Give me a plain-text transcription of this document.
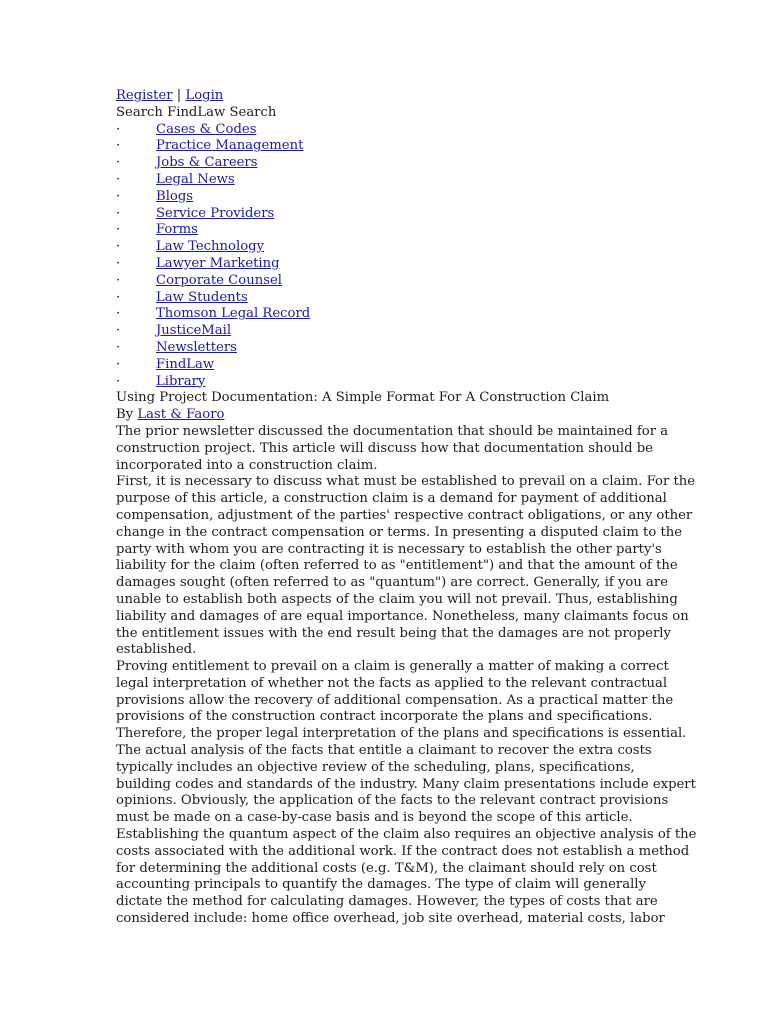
Register | Login
Search FindLaw Search
·	Cases & Codes
·	Practice Management
·	Jobs & Careers
·	Legal News
·	Blogs
·	Service Providers
·	Forms
·	Law Technology
·	Lawyer Marketing
·	Corporate Counsel
·	Law Students
·	Thomson Legal Record
·	JusticeMail
·	Newsletters
·	FindLaw
·	Library
Using Project Documentation: A Simple Format For A Construction Claim
By Last & Faoro
The prior newsletter discussed the documentation that should be maintained for a
construction project. This article will discuss how that documentation should be
incorporated into a construction claim.
First, it is necessary to discuss what must be established to prevail on a claim. For the
purpose of this article, a construction claim is a demand for payment of additional
compensation, adjustment of the parties' respective contract obligations, or any other
change in the contract compensation or terms. In presenting a disputed claim to the
party with whom you are contracting it is necessary to establish the other party's
liability for the claim (often referred to as "entitlement") and that the amount of the
damages sought (often referred to as "quantum") are correct. Generally, if you are
unable to establish both aspects of the claim you will not prevail. Thus, establishing
liability and damages of are equal importance. Nonetheless, many claimants focus on
the entitlement issues with the end result being that the damages are not properly
established.
Proving entitlement to prevail on a claim is generally a matter of making a correct
legal interpretation of whether not the facts as applied to the relevant contractual
provisions allow the recovery of additional compensation. As a practical matter the
provisions of the construction contract incorporate the plans and specifications.
Therefore, the proper legal interpretation of the plans and specifications is essential.
The actual analysis of the facts that entitle a claimant to recover the extra costs
typically includes an objective review of the scheduling, plans, specifications,
building codes and standards of the industry. Many claim presentations include expert
opinions. Obviously, the application of the facts to the relevant contract provisions
must be made on a case-by-case basis and is beyond the scope of this article.
Establishing the quantum aspect of the claim also requires an objective analysis of the
costs associated with the additional work. If the contract does not establish a method
for determining the additional costs (e.g. T&M), the claimant should rely on cost
accounting principals to quantify the damages. The type of claim will generally
dictate the method for calculating damages. However, the types of costs that are
considered include: home office overhead, job site overhead, material costs, labor
